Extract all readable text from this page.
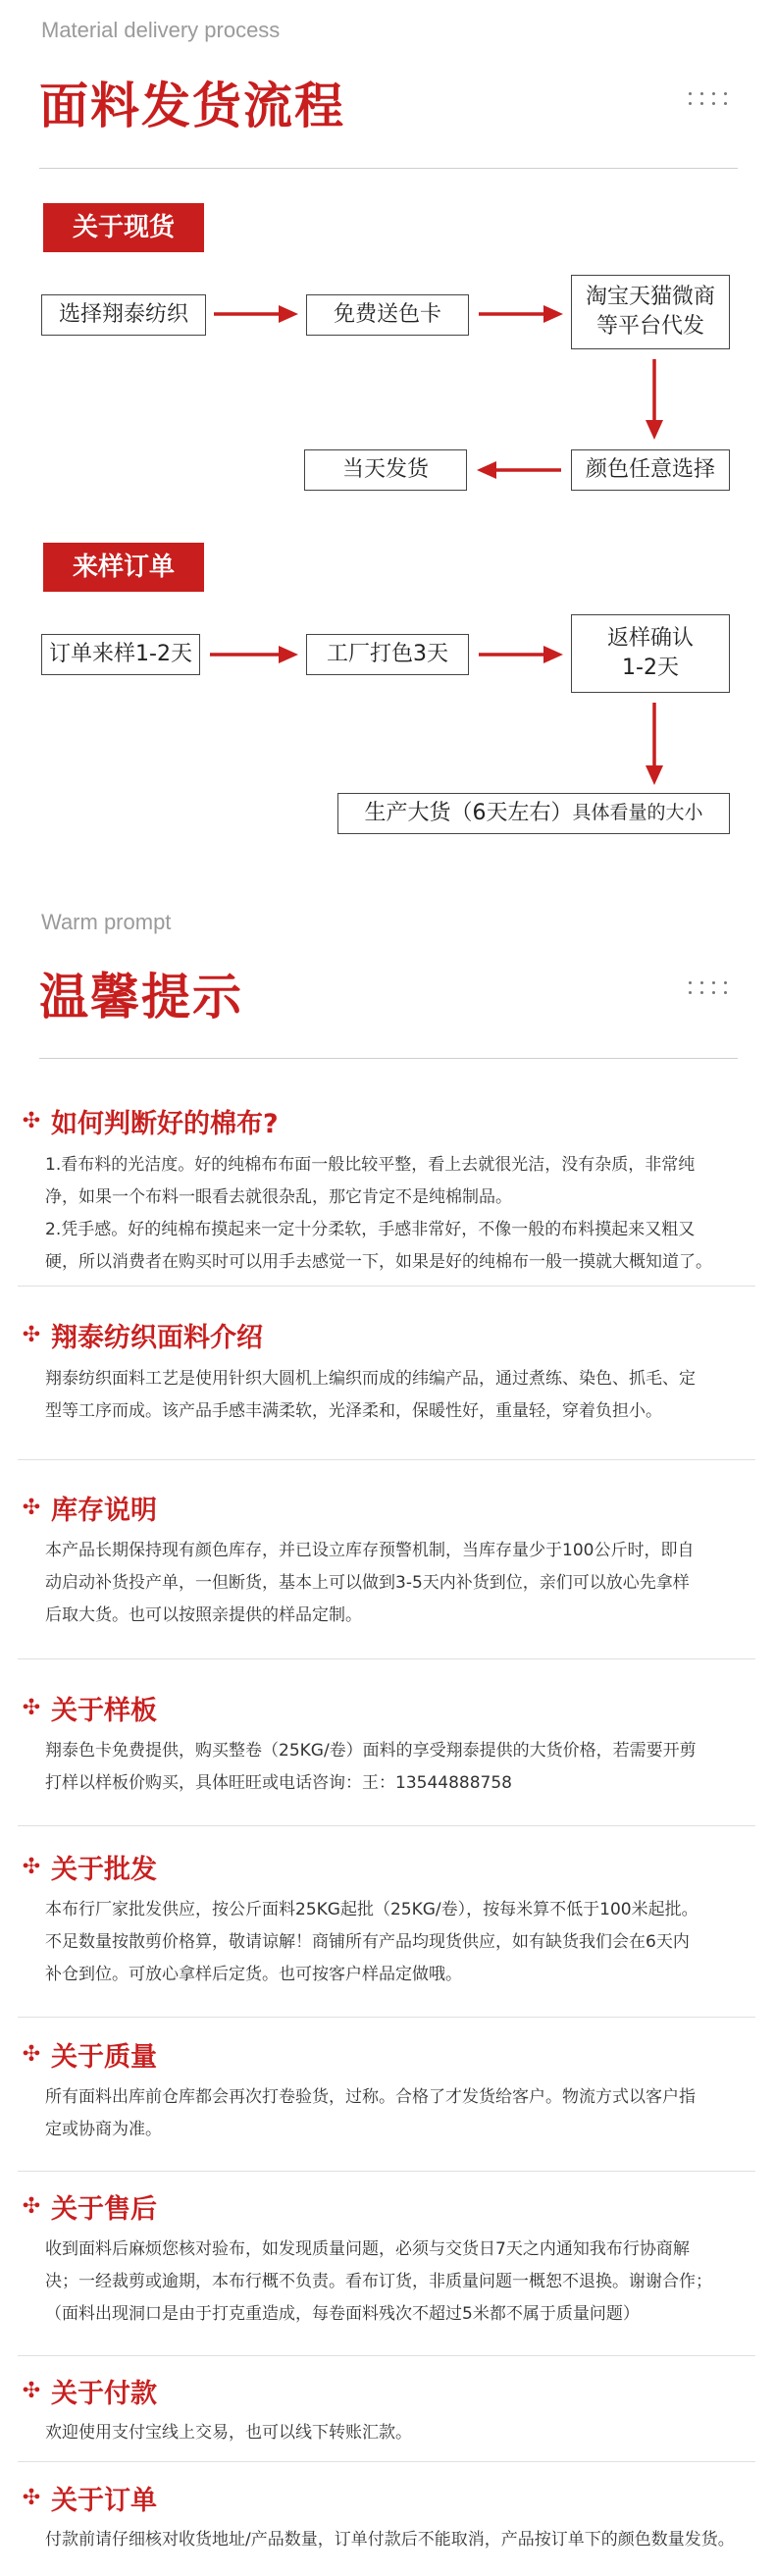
Material delivery process
面料发货流程
关于现货
选择翔泰纺织	免费送色卡
淘宝天猫微商
等平台代发
颜色任意选择
当天发货
来样订单
订单来样1-2天	工厂打色3天
返样确认
1-2天
生产大货（6天左右） 具体看量的大小
Warm prompt
温馨提示
✣ 如何判断好的棉布?
1.看布料的光洁度。好的纯棉布布面一般比较平整，看上去就很光洁，没有杂质，非常纯
净，如果一个布料一眼看去就很杂乱，那它肯定不是纯棉制品。
2.凭手感。好的纯棉布摸起来一定十分柔软，手感非常好，不像一般的布料摸起来又粗又
硬，所以消费者在购买时可以用手去感觉一下，如果是好的纯棉布一般一摸就大概知道了。
✣ 翔泰纺织面料介绍
翔泰纺织面料工艺是使用针织大圆机上编织而成的纬编产品，通过煮练、染色、抓毛、定
型等工序而成。该产品手感丰满柔软，光泽柔和，保暖性好，重量轻，穿着负担小。
✣ 库存说明
本产品长期保持现有颜色库存，并已设立库存预警机制，当库存量少于100公斤时，即自
动启动补货投产单，一但断货，基本上可以做到3-5天内补货到位，亲们可以放心先拿样
后取大货。也可以按照亲提供的样品定制。
✣ 关于样板
翔泰色卡免费提供，购买整卷（25KG/卷）面料的享受翔泰提供的大货价格，若需要开剪
打样以样板价购买，具体旺旺或电话咨询：王：13544888758
✣ 关于批发
本布行厂家批发供应，按公斤面料25KG起批（25KG/卷），按每米算不低于100米起批。
不足数量按散剪价格算，敬请谅解！商铺所有产品均现货供应，如有缺货我们会在6天内
补仓到位。可放心拿样后定货。也可按客户样品定做哦。
✣ 关于质量
所有面料出库前仓库都会再次打卷验货，过称。合格了才发货给客户。物流方式以客户指
定或协商为准。
✣ 关于售后
收到面料后麻烦您核对验布，如发现质量问题，必须与交货日7天之内通知我布行协商解
决；一经裁剪或逾期，本布行概不负责。看布订货，非质量问题一概恕不退换。谢谢合作；
（面料出现洞口是由于打克重造成，每卷面料残次不超过5米都不属于质量问题）
✣ 关于付款
欢迎使用支付宝线上交易，也可以线下转账汇款。
✣ 关于订单
付款前请仔细核对收货地址/产品数量，订单付款后不能取消，产品按订单下的颜色数量发货。
